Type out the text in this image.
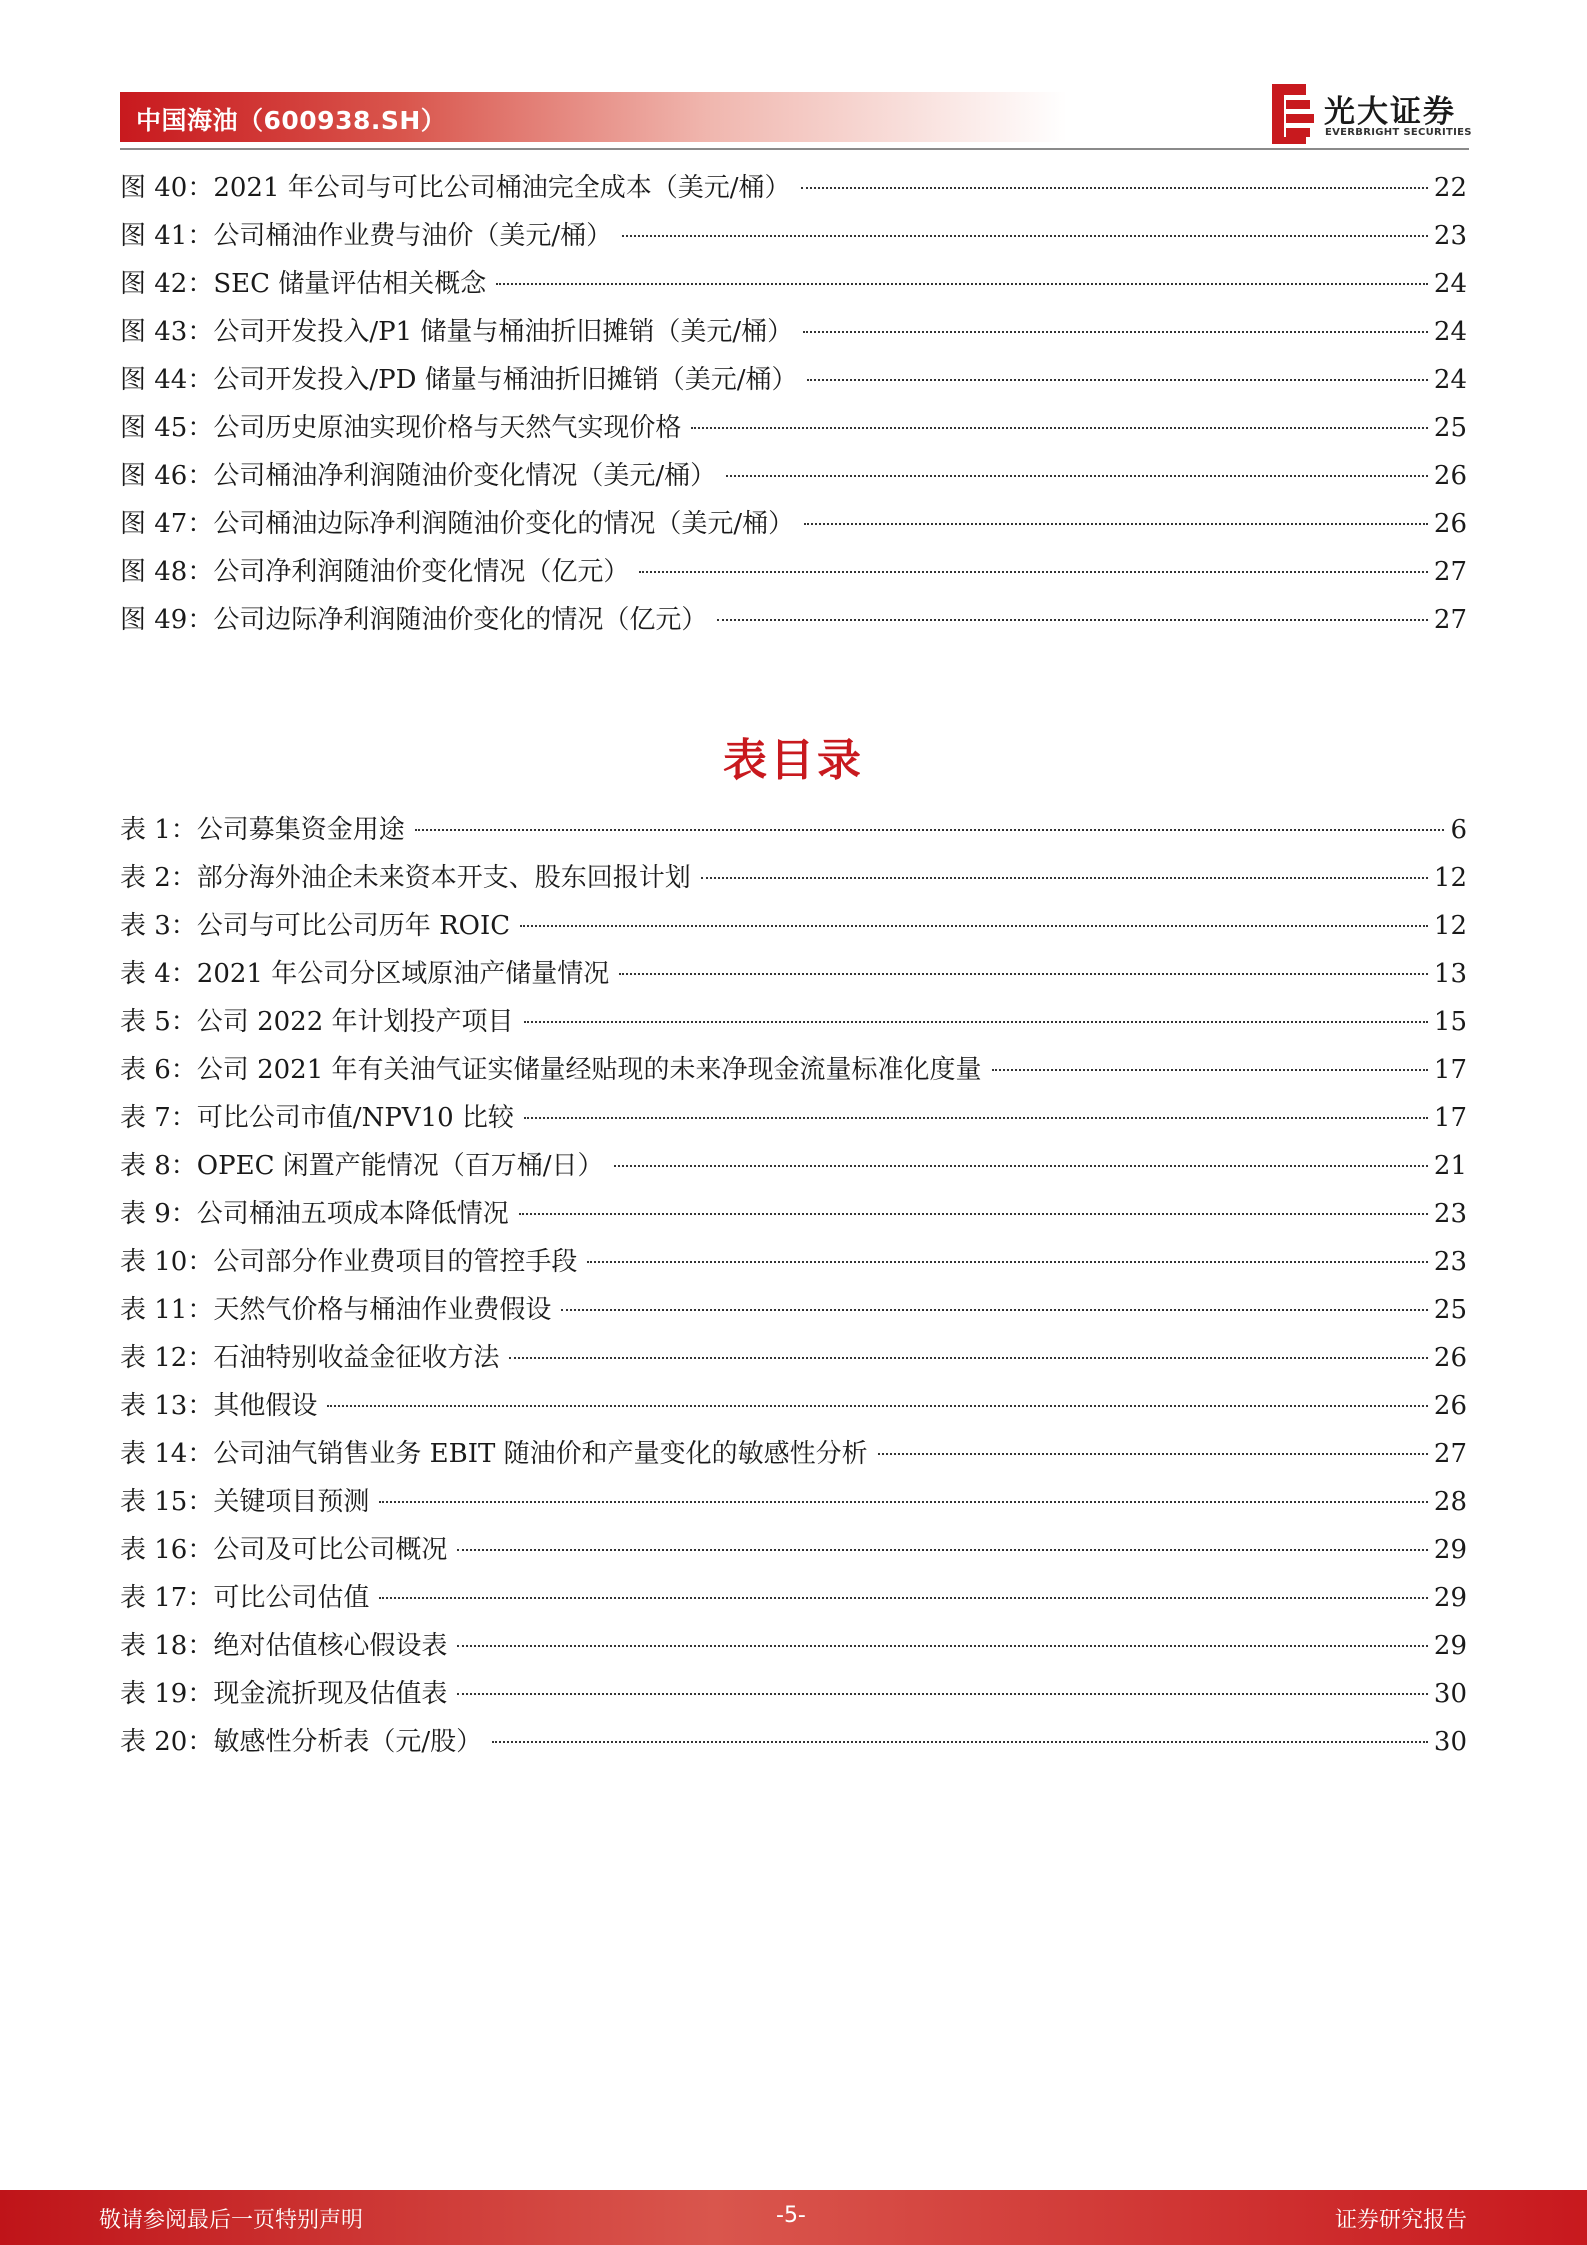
中国海油（600938.SH）	光大证券
EVERBRIGHT SECURITIES
图 40：2021 年公司与可比公司桶油完全成本（美元/桶）	22
图 41：公司桶油作业费与油价（美元/桶）	23
图 42：SEC 储量评估相关概念	24
图 43：公司开发投入/P1 储量与桶油折旧摊销（美元/桶）	24
图 44：公司开发投入/PD 储量与桶油折旧摊销（美元/桶）	24
图 45：公司历史原油实现价格与天然气实现价格	25
图 46：公司桶油净利润随油价变化情况（美元/桶）	26
图 47：公司桶油边际净利润随油价变化的情况（美元/桶）	26
图 48：公司净利润随油价变化情况（亿元）	27
图 49：公司边际净利润随油价变化的情况（亿元）	27
表目录
表 1：公司募集资金用途	6
表 2：部分海外油企未来资本开支、股东回报计划	12
表 3：公司与可比公司历年 ROIC	12
表 4：2021 年公司分区域原油产储量情况	13
表 5：公司 2022 年计划投产项目	15
表 6：公司 2021 年有关油气证实储量经贴现的未来净现金流量标准化度量	17
表 7：可比公司市值/NPV10 比较	17
表 8：OPEC 闲置产能情况（百万桶/日）	21
表 9：公司桶油五项成本降低情况	23
表 10：公司部分作业费项目的管控手段	23
表 11：天然气价格与桶油作业费假设	25
表 12：石油特别收益金征收方法	26
表 13：其他假设	26
表 14：公司油气销售业务 EBIT 随油价和产量变化的敏感性分析	27
表 15：关键项目预测	28
表 16：公司及可比公司概况	29
表 17：可比公司估值	29
表 18：绝对估值核心假设表	29
表 19：现金流折现及估值表	30
表 20：敏感性分析表（元/股）	30
敬请参阅最后一页特别声明	-5-	证券研究报告
